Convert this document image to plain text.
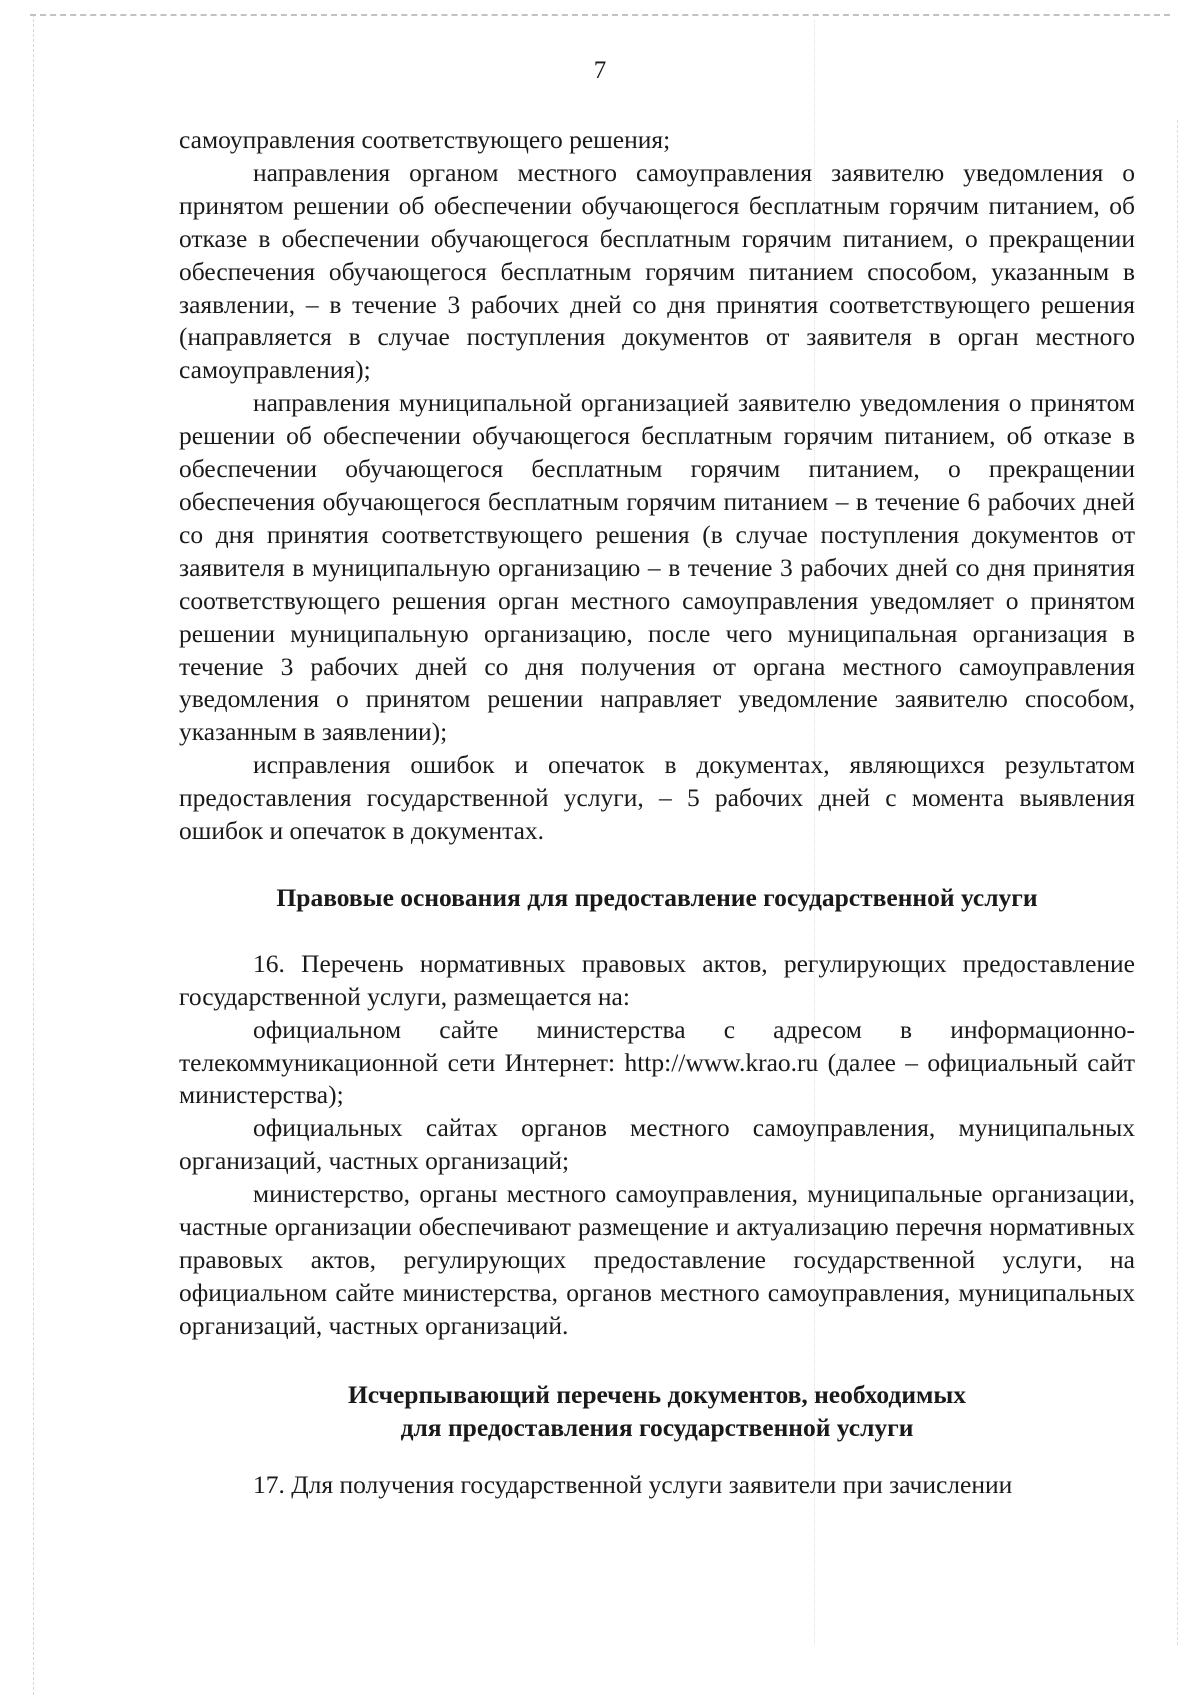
7

самоуправления соответствующего решения;

направления органом местного самоуправления заявителю уведомления о принятом решении об обеспечении обучающегося бесплатным горячим питанием, об отказе в обеспечении обучающегося бесплатным горячим питанием, о прекращении обеспечения обучающегося бесплатным горячим питанием способом, указанным в заявлении, – в течение 3 рабочих дней со дня принятия соответствующего решения (направляется в случае поступления документов от заявителя в орган местного самоуправления);

направления муниципальной организацией заявителю уведомления о принятом решении об обеспечении обучающегося бесплатным горячим питанием, об отказе в обеспечении обучающегося бесплатным горячим питанием, о прекращении обеспечения обучающегося бесплатным горячим питанием – в течение 6 рабочих дней со дня принятия соответствующего решения (в случае поступления документов от заявителя в муниципальную организацию – в течение 3 рабочих дней со дня принятия соответствующего решения орган местного самоуправления уведомляет о принятом решении муниципальную организацию, после чего муниципальная организация в течение 3 рабочих дней со дня получения от органа местного самоуправления уведомления о принятом решении направляет уведомление заявителю способом, указанным в заявлении);

исправления ошибок и опечаток в документах, являющихся результатом предоставления государственной услуги, – 5 рабочих дней с момента выявления ошибок и опечаток в документах.

Правовые основания для предоставление государственной услуги

16. Перечень нормативных правовых актов, регулирующих предоставление государственной услуги, размещается на:

официальном сайте министерства с адресом в информационно-телекоммуникационной сети Интернет: http://www.krao.ru (далее – официальный сайт министерства);

официальных сайтах органов местного самоуправления, муниципальных организаций, частных организаций;

министерство, органы местного самоуправления, муниципальные организации, частные организации обеспечивают размещение и актуализацию перечня нормативных правовых актов, регулирующих предоставление государственной услуги, на официальном сайте министерства, органов местного самоуправления, муниципальных организаций, частных организаций.

Исчерпывающий перечень документов, необходимых
для предоставления государственной услуги

17. Для получения государственной услуги заявители при зачислении
